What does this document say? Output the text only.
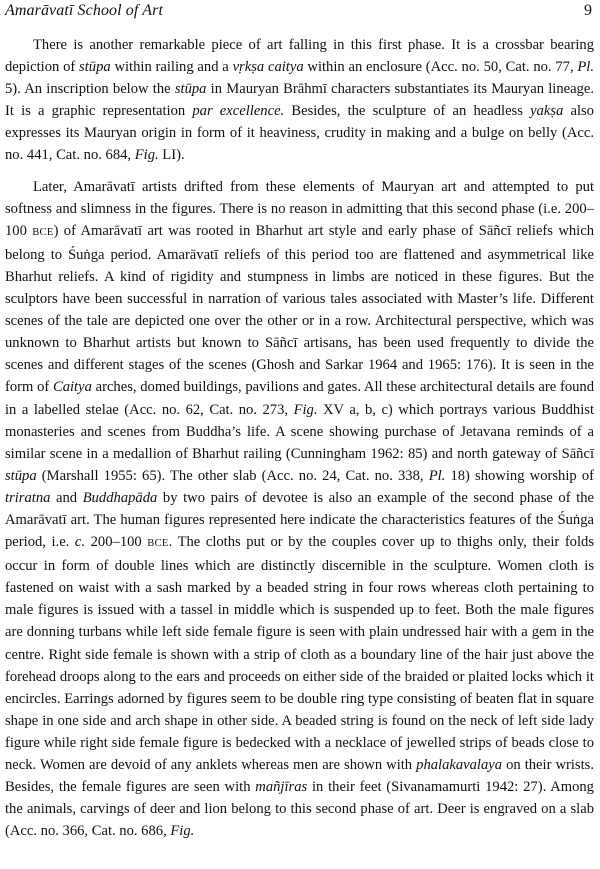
Amarāvatī School of Art	9

There is another remarkable piece of art falling in this first phase. It is a crossbar bearing depiction of stūpa within railing and a vṛkṣa caitya within an enclosure (Acc. no. 50, Cat. no. 77, Pl. 5). An inscription below the stūpa in Mauryan Brāhmī characters substantiates its Mauryan lineage. It is a graphic representation par excellence. Besides, the sculpture of an headless yakṣa also expresses its Mauryan origin in form of it heaviness, crudity in making and a bulge on belly (Acc. no. 441, Cat. no. 684, Fig. LI).

Later, Amarāvatī artists drifted from these elements of Mauryan art and attempted to put softness and slimness in the figures. There is no reason in admitting that this second phase (i.e. 200–100 BCE) of Amarāvatī art was rooted in Bharhut art style and early phase of Sāñcī reliefs which belong to Śuṅga period. Amarāvatī reliefs of this period too are flattened and asymmetrical like Bharhut reliefs. A kind of rigidity and stumpness in limbs are noticed in these figures. But the sculptors have been successful in narration of various tales associated with Master’s life. Different scenes of the tale are depicted one over the other or in a row. Architectural perspective, which was unknown to Bharhut artists but known to Sāñcī artisans, has been used frequently to divide the scenes and different stages of the scenes (Ghosh and Sarkar 1964 and 1965: 176). It is seen in the form of Caitya arches, domed buildings, pavilions and gates. All these architectural details are found in a labelled stelae (Acc. no. 62, Cat. no. 273, Fig. XV a, b, c) which portrays various Buddhist monasteries and scenes from Buddha’s life. A scene showing purchase of Jetavana reminds of a similar scene in a medallion of Bharhut railing (Cunningham 1962: 85) and north gateway of Sāñcī stūpa (Marshall 1955: 65). The other slab (Acc. no. 24, Cat. no. 338, Pl. 18) showing worship of triratna and Buddhapāda by two pairs of devotee is also an example of the second phase of the Amarāvatī art. The human figures represented here indicate the characteristics features of the Śuṅga period, i.e. c. 200–100 BCE. The cloths put or by the couples cover up to thighs only, their folds occur in form of double lines which are distinctly discernible in the sculpture. Women cloth is fastened on waist with a sash marked by a beaded string in four rows whereas cloth pertaining to male figures is issued with a tassel in middle which is suspended up to feet. Both the male figures are donning turbans while left side female figure is seen with plain undressed hair with a gem in the centre. Right side female is shown with a strip of cloth as a boundary line of the hair just above the forehead droops along to the ears and proceeds on either side of the braided or plaited locks which it encircles. Earrings adorned by figures seem to be double ring type consisting of beaten flat in square shape in one side and arch shape in other side. A beaded string is found on the neck of left side lady figure while right side female figure is bedecked with a necklace of jewelled strips of beads close to neck. Women are devoid of any anklets whereas men are shown with phalakavalaya on their wrists. Besides, the female figures are seen with mañjīras in their feet (Sivanamamurti 1942: 27). Among the animals, carvings of deer and lion belong to this second phase of art. Deer is engraved on a slab (Acc. no. 366, Cat. no. 686, Fig.
